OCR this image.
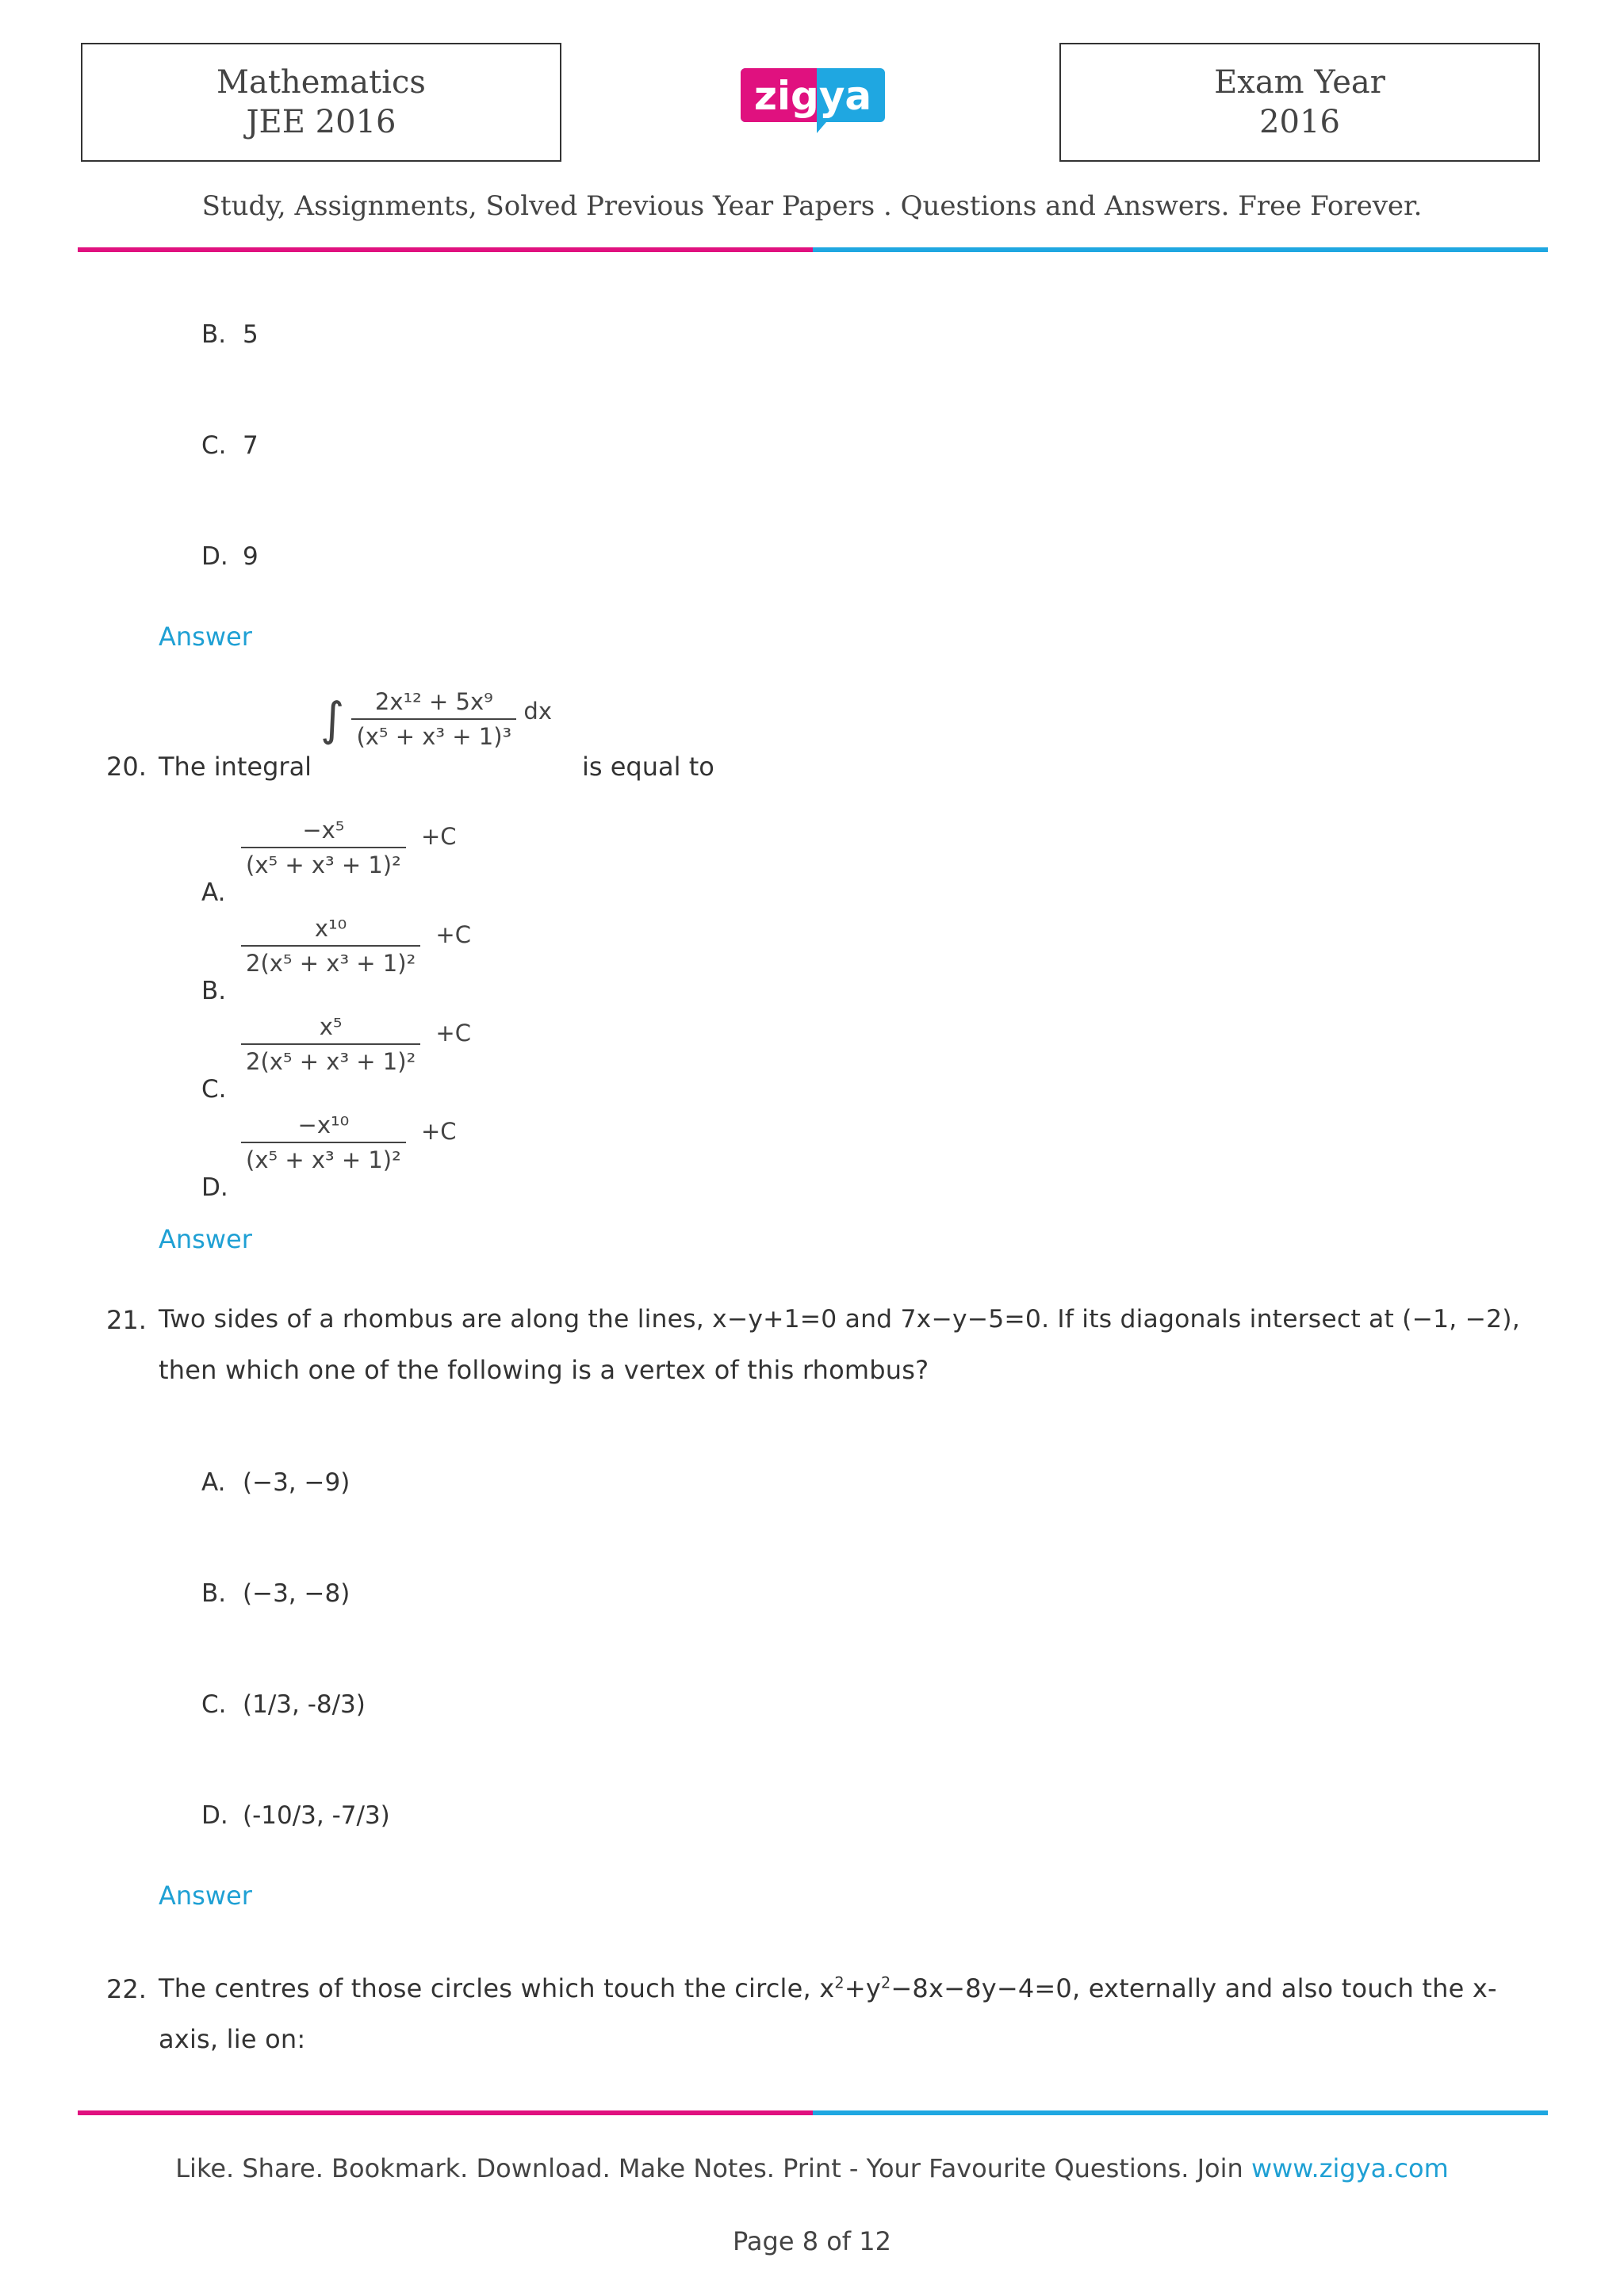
Mathematics
JEE 2016
zigya	Exam Year
2016
Study, Assignments, Solved Previous Year Papers . Questions and Answers. Free Forever.
B. 5
C. 7
D. 9
Answer
20. The integral
∫ $\frac{\text{2x¹² + 5x⁹}}{\text{(x⁵ + x³ + 1)³}}$ dx
is equal to
A.
$\frac{\text{−x⁵}}{\text{(x⁵ + x³ + 1)²}} +C$
B.
$\frac{\text{x¹⁰}}{\text{2(x⁵ + x³ + 1)²}} +C$
C.
$\frac{\text{x⁵}}{\text{2(x⁵ + x³ + 1)²}} +C$
D.
$\frac{\text{−x¹⁰}}{\text{(x⁵ + x³ + 1)²}} +C$
Answer
21. Two sides of a rhombus are along the lines, x−y+1=0 and 7x−y−5=0. If its diagonals intersect at (−1, −2),
then which one of the following is a vertex of this rhombus?
A. (−3, −9)
B. (−3, −8)
C. (1/3, -8/3)
D. (-10/3, -7/3)
Answer
22. The centres of those circles which touch the circle, $x^2+y^2-8x-8y-4=0$, externally and also touch the x-
axis, lie on:
Like. Share. Bookmark. Download. Make Notes. Print - Your Favourite Questions. Join www.zigya.com
Page 8 of 12
